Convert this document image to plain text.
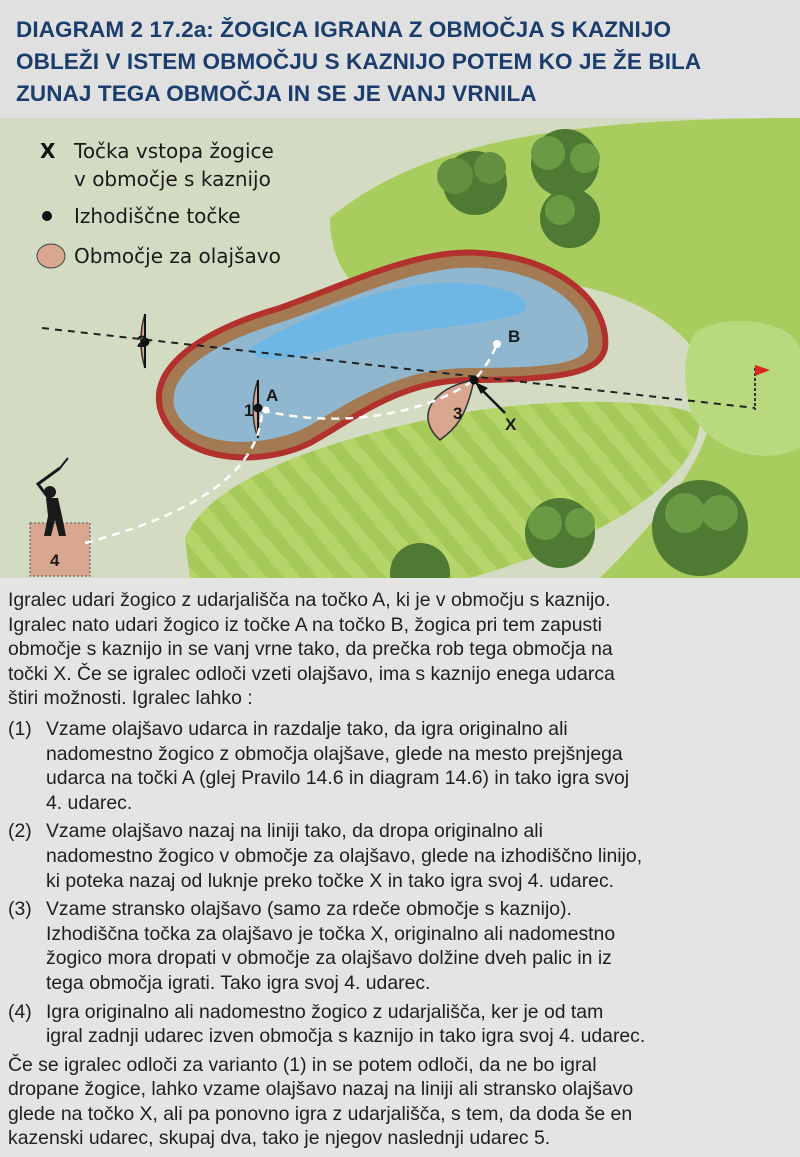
DIAGRAM 2 17.2a: ŽOGICA IGRANA Z OBMOČJA S KAZNIJO
OBLEŽI V ISTEM OBMOČJU S KAZNIJO POTEM KO JE ŽE BILA
ZUNAJ TEGA OBMOČJA IN SE JE VANJ VRNILA
2
1	3
4
A
B
X
X Točka vstopa žogice
v območje s kaznijo
Izhodiščne točke
Območje za olajšavo

Igralec udari žogico z udarjališča na točko A, ki je v območju s kaznijo.
Igralec nato udari žogico iz točke A na točko B, žogica pri tem zapusti
območje s kaznijo in se vanj vrne tako, da prečka rob tega območja na
točki X. Če se igralec odloči vzeti olajšavo, ima s kaznijo enega udarca
štiri možnosti. Igralec lahko :

(1) Vzame olajšavo udarca in razdalje tako, da igra originalno ali
nadomestno žogico z območja olajšave, glede na mesto prejšnjega
udarca na točki A (glej Pravilo 14.6 in diagram 14.6) in tako igra svoj
4. udarec.
(2) Vzame olajšavo nazaj na liniji tako, da dropa originalno ali
nadomestno žogico v območje za olajšavo, glede na izhodiščno linijo,
ki poteka nazaj od luknje preko točke X in tako igra svoj 4. udarec.
(3) Vzame stransko olajšavo (samo za rdeče območje s kaznijo).
Izhodiščna točka za olajšavo je točka X, originalno ali nadomestno
žogico mora dropati v območje za olajšavo dolžine dveh palic in iz
tega območja igrati. Tako igra svoj 4. udarec.
(4) Igra originalno ali nadomestno žogico z udarjališča, ker je od tam
igral zadnji udarec izven območja s kaznijo in tako igra svoj 4. udarec.

Če se igralec odloči za varianto (1) in se potem odloči, da ne bo igral
dropane žogice, lahko vzame olajšavo nazaj na liniji ali stransko olajšavo
glede na točko X, ali pa ponovno igra z udarjališča, s tem, da doda še en
kazenski udarec, skupaj dva, tako je njegov naslednji udarec 5.
